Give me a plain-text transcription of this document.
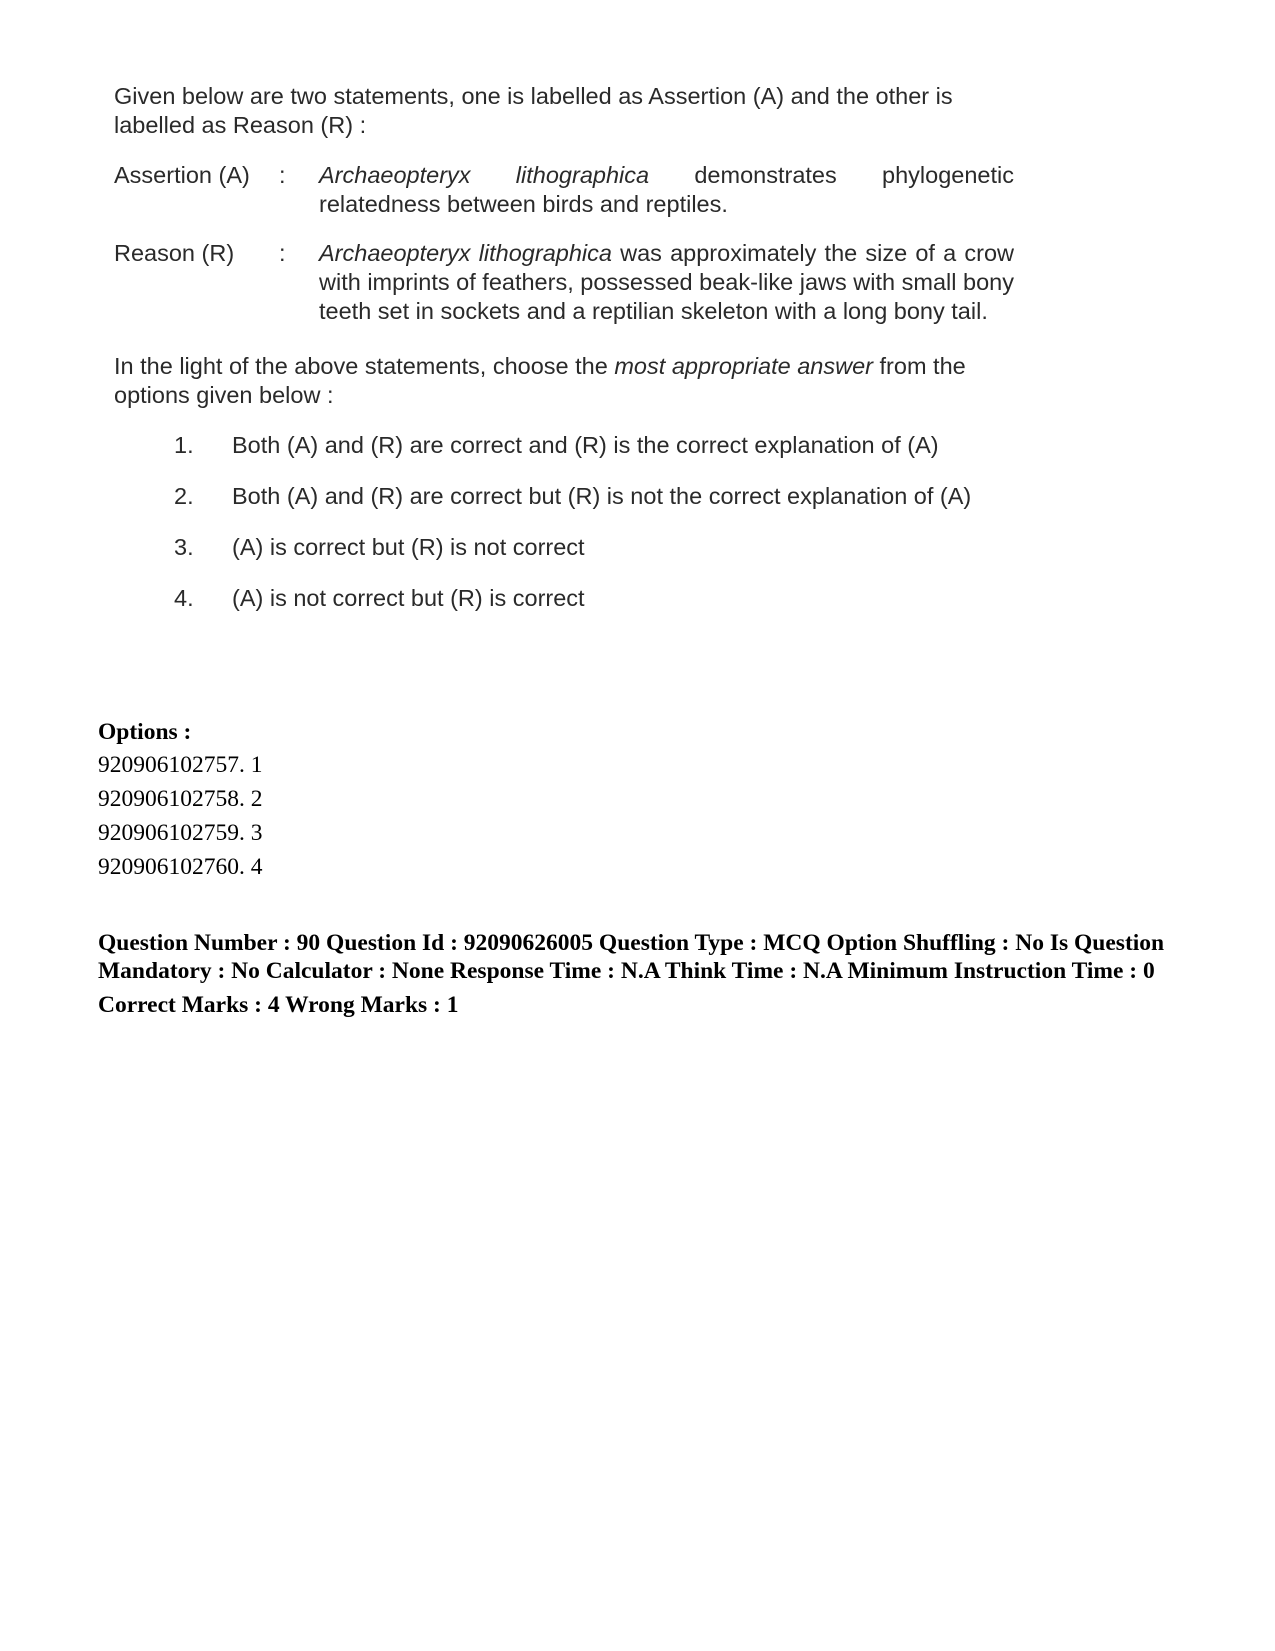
Given below are two statements, one is labelled as Assertion (A) and the other is labelled as Reason (R) :
Assertion (A)	:	Archaeopteryx lithographica demonstrates phylogenetic relatedness between birds and reptiles.
Reason (R)	:	Archaeopteryx lithographica was approximately the size of a crow with imprints of feathers, possessed beak-like jaws with small bony teeth set in sockets and a reptilian skeleton with a long bony tail.
In the light of the above statements, choose the most appropriate answer from the options given below :
1.	Both (A) and (R) are correct and (R) is the correct explanation of (A)
2.	Both (A) and (R) are correct but (R) is not the correct explanation of (A)
3.	(A) is correct but (R) is not correct
4.	(A) is not correct but (R) is correct
Options :
920906102757. 1
920906102758. 2
920906102759. 3
920906102760. 4
Question Number : 90 Question Id : 92090626005 Question Type : MCQ Option Shuffling : No Is Question Mandatory : No Calculator : None Response Time : N.A Think Time : N.A Minimum Instruction Time : 0
Correct Marks : 4 Wrong Marks : 1
